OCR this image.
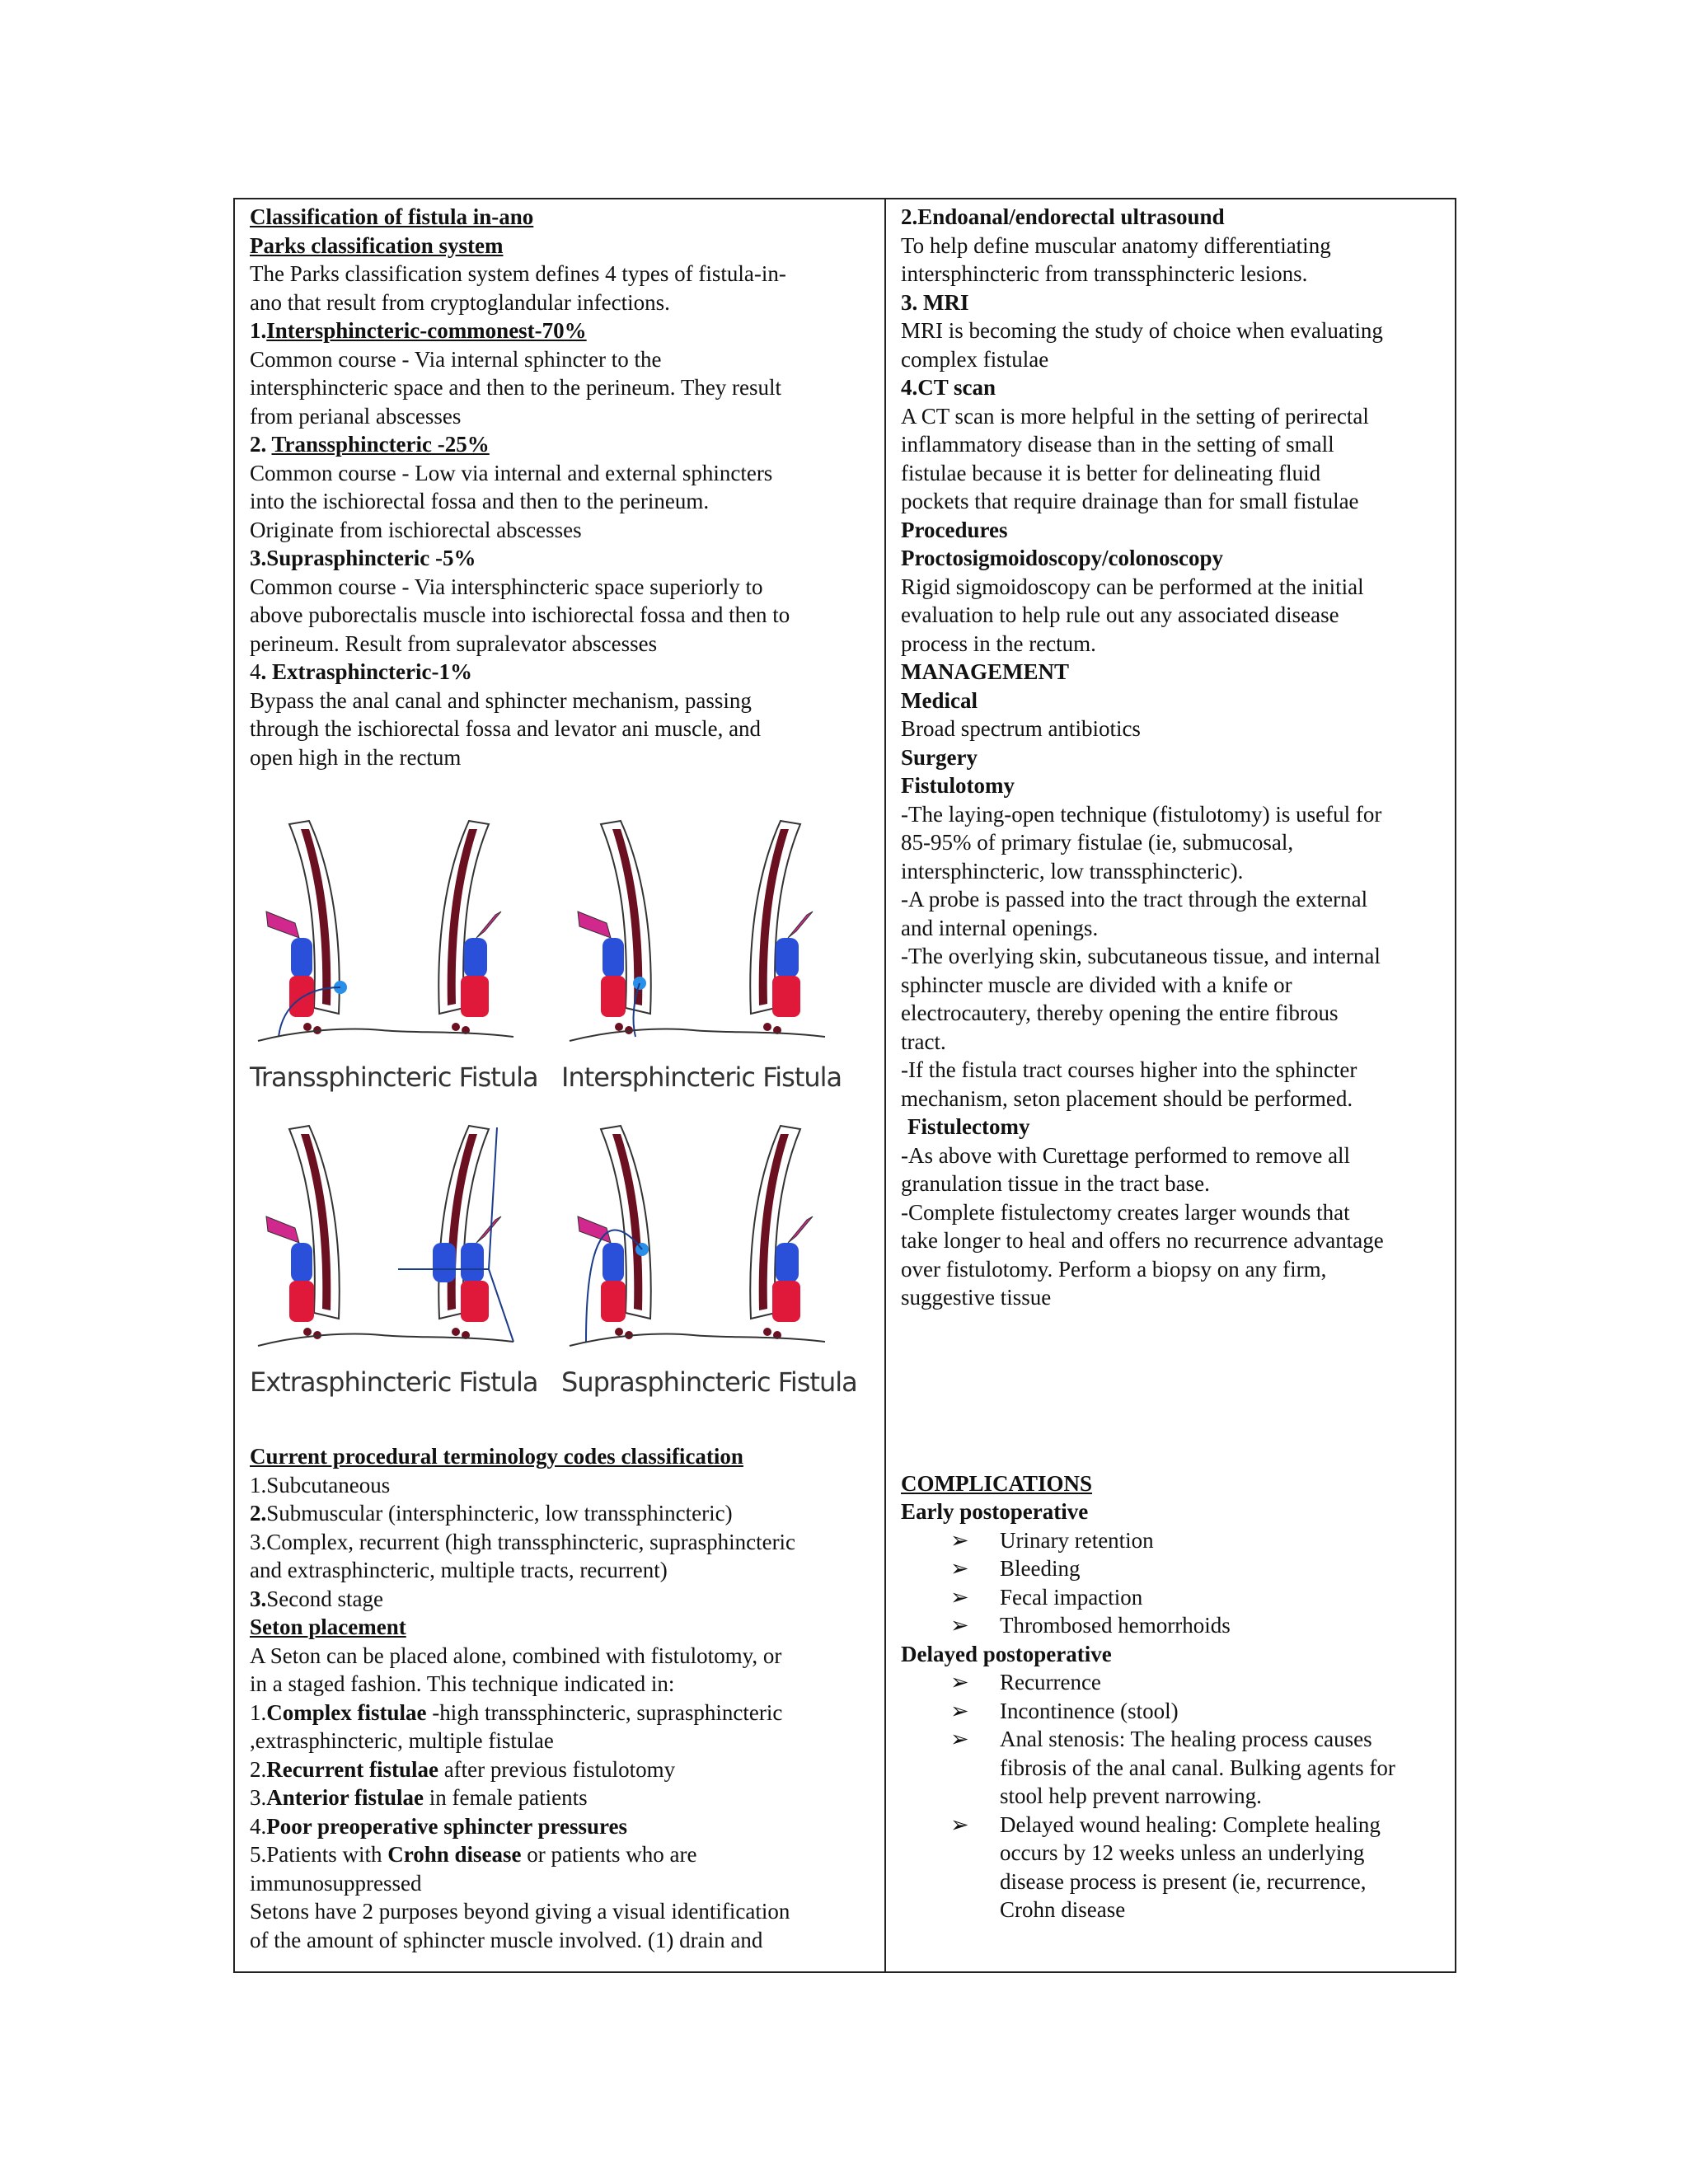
Classification of fistula in-ano

Parks classification system

The Parks classification system defines 4 types of fistula-in-

ano that result from cryptoglandular infections.

1.Intersphincteric-commonest-70%

Common course - Via internal sphincter to the

intersphincteric space and then to the perineum. They result

from perianal abscesses

2. Transsphincteric -25%

Common course - Low via internal and external sphincters

into the ischiorectal fossa and then to the perineum.

Originate from ischiorectal abscesses

3.Suprasphincteric -5%

Common course - Via intersphincteric space superiorly to

above puborectalis muscle into ischiorectal fossa and then to

perineum. Result from supralevator abscesses

4. Extrasphincteric-1%

Bypass the anal canal and sphincter mechanism, passing

through the ischiorectal fossa and levator ani muscle, and

open high in the rectum

Transsphincteric Fistula Intersphincteric Fistula
Extrasphincteric Fistula Suprasphincteric Fistula

Current procedural terminology codes classification

1.Subcutaneous

2.Submuscular (intersphincteric, low transsphincteric)

3.Complex, recurrent (high transsphincteric, suprasphincteric

and extrasphincteric, multiple tracts, recurrent)

3.Second stage

Seton placement

A Seton can be placed alone, combined with fistulotomy, or

in a staged fashion. This technique indicated in:

1.Complex fistulae -high transsphincteric, suprasphincteric

,extrasphincteric, multiple fistulae

2.Recurrent fistulae after previous fistulotomy

3.Anterior fistulae in female patients

4.Poor preoperative sphincter pressures

5.Patients with Crohn disease or patients who are

immunosuppressed

Setons have 2 purposes beyond giving a visual identification

of the amount of sphincter muscle involved. (1) drain and

2.Endoanal/endorectal ultrasound

To help define muscular anatomy differentiating

intersphincteric from transsphincteric lesions.

3. MRI

MRI is becoming the study of choice when evaluating

complex fistulae

4.CT scan

A CT scan is more helpful in the setting of perirectal

inflammatory disease than in the setting of small

fistulae because it is better for delineating fluid

pockets that require drainage than for small fistulae

Procedures

Proctosigmoidoscopy/colonoscopy

Rigid sigmoidoscopy can be performed at the initial

evaluation to help rule out any associated disease

process in the rectum.

MANAGEMENT

Medical

Broad spectrum antibiotics

Surgery

Fistulotomy

-The laying-open technique (fistulotomy) is useful for

85-95% of primary fistulae (ie, submucosal,

intersphincteric, low transsphincteric).

-A probe is passed into the tract through the external

and internal openings.

-The overlying skin, subcutaneous tissue, and internal

sphincter muscle are divided with a knife or

electrocautery, thereby opening the entire fibrous

tract.

-If the fistula tract courses higher into the sphincter

mechanism, seton placement should be performed.

Fistulectomy

-As above with Curettage performed to remove all

granulation tissue in the tract base.

-Complete fistulectomy creates larger wounds that

take longer to heal and offers no recurrence advantage

over fistulotomy. Perform a biopsy on any firm,

suggestive tissue

COMPLICATIONS

Early postoperative

➢	Urinary retention
➢	Bleeding
➢	Fecal impaction
➢	Thrombosed hemorrhoids

Delayed postoperative

➢	Recurrence
➢	Incontinence (stool)
➢	Anal stenosis: The healing process causes
fibrosis of the anal canal. Bulking agents for
stool help prevent narrowing.
➢	Delayed wound healing: Complete healing
occurs by 12 weeks unless an underlying
disease process is present (ie, recurrence,
Crohn disease
